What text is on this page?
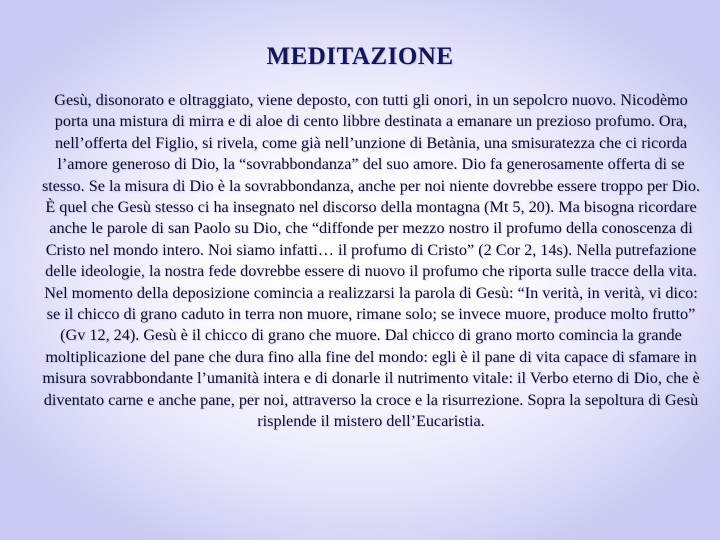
MEDITAZIONE

Gesù, disonorato e oltraggiato, viene deposto, con tutti gli onori, in un sepolcro nuovo. Nicodèmo porta una mistura di mirra e di aloe di cento libbre destinata a emanare un prezioso profumo. Ora, nell’offerta del Figlio, si rivela, come già nell’unzione di Betània, una smisuratezza che ci ricorda l’amore generoso di Dio, la “sovrabbondanza” del suo amore. Dio fa generosamente offerta di se stesso. Se la misura di Dio è la sovrabbondanza, anche per noi niente dovrebbe essere troppo per Dio. È quel che Gesù stesso ci ha insegnato nel discorso della montagna (Mt 5, 20). Ma bisogna ricordare anche le parole di san Paolo su Dio, che “diffonde per mezzo nostro il profumo della conoscenza di Cristo nel mondo intero. Noi siamo infatti… il profumo di Cristo” (2 Cor 2, 14s). Nella putrefazione delle ideologie, la nostra fede dovrebbe essere di nuovo il profumo che riporta sulle tracce della vita. Nel momento della deposizione comincia a realizzarsi la parola di Gesù: “In verità, in verità, vi dico: se il chicco di grano caduto in terra non muore, rimane solo; se invece muore, produce molto frutto” (Gv 12, 24). Gesù è il chicco di grano che muore. Dal chicco di grano morto comincia la grande moltiplicazione del pane che dura fino alla fine del mondo: egli è il pane di vita capace di sfamare in misura sovrabbondante l’umanità intera e di donarle il nutrimento vitale: il Verbo eterno di Dio, che è diventato carne e anche pane, per noi, attraverso la croce e la risurrezione. Sopra la sepoltura di Gesù risplende il mistero dell’Eucaristia.
